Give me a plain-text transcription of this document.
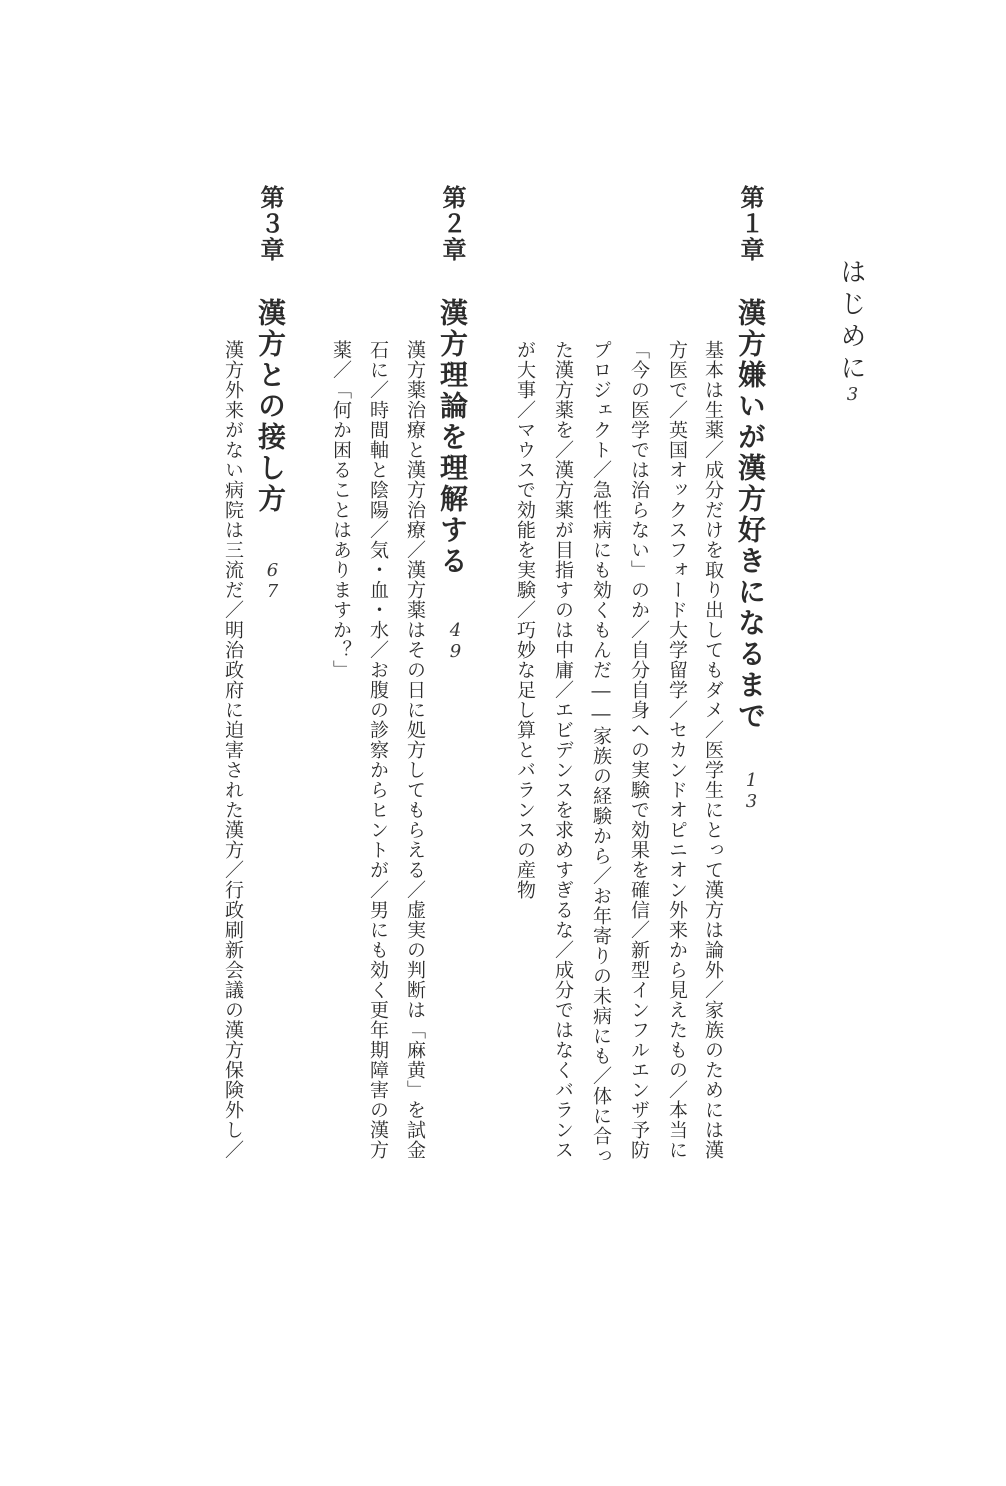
はじめに
3
第１章
漢方嫌いが漢方好きになるまで
13
基本は生薬／成分だけを取り出してもダメ／医学生にとって漢方は論外／家族のためには漢
方医で／英国オックスフォード大学留学／セカンドオピニオン外来から見えたもの／本当に
「今の医学では治らない」のか／自分自身への実験で効果を確信／新型インフルエンザ予防
プロジェクト／急性病にも効くもんだ――家族の経験から／お年寄りの未病にも／体に合っ
た漢方薬を／漢方薬が目指すのは中庸／エビデンスを求めすぎるな／成分ではなくバランス
が大事／マウスで効能を実験／巧妙な足し算とバランスの産物
第２章
漢方理論を理解する
49
漢方薬治療と漢方治療／漢方薬はその日に処方してもらえる／虚実の判断は「麻黄」を試金
石に／時間軸と陰陽／気・血・水／お腹の診察からヒントが／男にも効く更年期障害の漢方
薬／「何か困ることはありますか？」
第３章
漢方との接し方
67
漢方外来がない病院は三流だ／明治政府に迫害された漢方／行政刷新会議の漢方保険外し／
